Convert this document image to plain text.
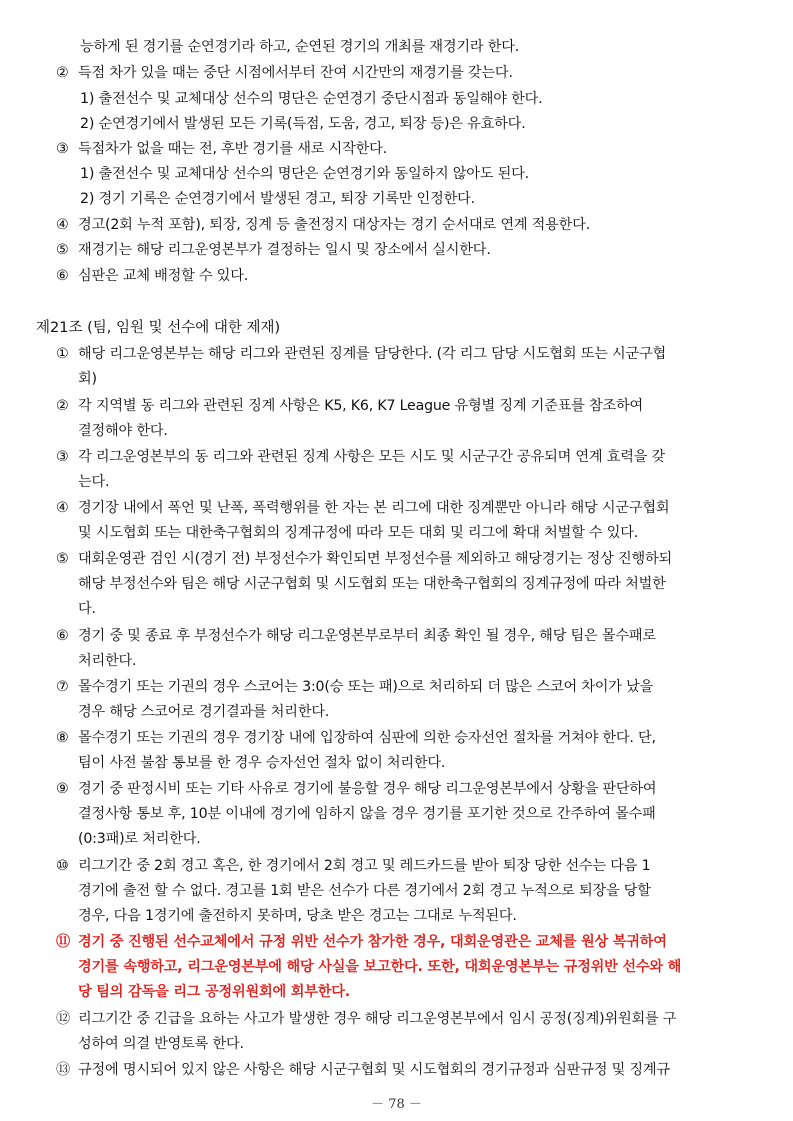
능하게 된 경기를 순연경기라 하고, 순연된 경기의 개최를 재경기라 한다.
② 득점 차가 있을 때는 중단 시점에서부터 잔여 시간만의 재경기를 갖는다.
1) 출전선수 및 교체대상 선수의 명단은 순연경기 중단시점과 동일해야 한다.
2) 순연경기에서 발생된 모든 기록(득점, 도움, 경고, 퇴장 등)은 유효하다.
③ 득점차가 없을 때는 전, 후반 경기를 새로 시작한다.
1) 출전선수 및 교체대상 선수의 명단은 순연경기와 동일하지 않아도 된다.
2) 경기 기록은 순연경기에서 발생된 경고, 퇴장 기록만 인정한다.
④ 경고(2회 누적 포함), 퇴장, 징계 등 출전정지 대상자는 경기 순서대로 연계 적용한다.
⑤ 재경기는 해당 리그운영본부가 결정하는 일시 및 장소에서 실시한다.
⑥ 심판은 교체 배정할 수 있다.
제21조 (팀, 임원 및 선수에 대한 제재)
① 해당 리그운영본부는 해당 리그와 관련된 징계를 담당한다. (각 리그 담당 시도협회 또는 시군구협
회)
② 각 지역별 동 리그와 관련된 징계 사항은 K5, K6, K7 League 유형별 징계 기준표를 참조하여
결정해야 한다.
③ 각 리그운영본부의 동 리그와 관련된 징계 사항은 모든 시도 및 시군구간 공유되며 연계 효력을 갖
는다.
④ 경기장 내에서 폭언 및 난폭, 폭력행위를 한 자는 본 리그에 대한 징계뿐만 아니라 해당 시군구협회
및 시도협회 또는 대한축구협회의 징계규정에 따라 모든 대회 및 리그에 확대 처벌할 수 있다.
⑤ 대회운영관 검인 시(경기 전) 부정선수가 확인되면 부정선수를 제외하고 해당경기는 정상 진행하되
해당 부정선수와 팀은 해당 시군구협회 및 시도협회 또는 대한축구협회의 징계규정에 따라 처벌한
다.
⑥ 경기 중 및 종료 후 부정선수가 해당 리그운영본부로부터 최종 확인 될 경우, 해당 팀은 몰수패로
처리한다.
⑦ 몰수경기 또는 기권의 경우 스코어는 3:0(승 또는 패)으로 처리하되 더 많은 스코어 차이가 났을
경우 해당 스코어로 경기결과를 처리한다.
⑧ 몰수경기 또는 기권의 경우 경기장 내에 입장하여 심판에 의한 승자선언 절차를 거쳐야 한다. 단,
팀이 사전 불참 통보를 한 경우 승자선언 절차 없이 처리한다.
⑨ 경기 중 판정시비 또는 기타 사유로 경기에 불응할 경우 해당 리그운영본부에서 상황을 판단하여
결정사항 통보 후, 10분 이내에 경기에 임하지 않을 경우 경기를 포기한 것으로 간주하여 몰수패
(0:3패)로 처리한다.
⑩ 리그기간 중 2회 경고 혹은, 한 경기에서 2회 경고 및 레드카드를 받아 퇴장 당한 선수는 다음 1
경기에 출전 할 수 없다. 경고를 1회 받은 선수가 다른 경기에서 2회 경고 누적으로 퇴장을 당할
경우, 다음 1경기에 출전하지 못하며, 당초 받은 경고는 그대로 누적된다.
⑪ 경기 중 진행된 선수교체에서 규정 위반 선수가 참가한 경우, 대회운영관은 교체를 원상 복귀하여
경기를 속행하고, 리그운영본부에 해당 사실을 보고한다. 또한, 대회운영본부는 규정위반 선수와 해
당 팀의 감독을 리그 공정위원회에 회부한다.
⑫ 리그기간 중 긴급을 요하는 사고가 발생한 경우 해당 리그운영본부에서 임시 공정(징계)위원회를 구
성하여 의결 반영토록 한다.
⑬ 규정에 명시되어 있지 않은 사항은 해당 시군구협회 및 시도협회의 경기규정과 심판규정 및 징계규
－ 78 －
